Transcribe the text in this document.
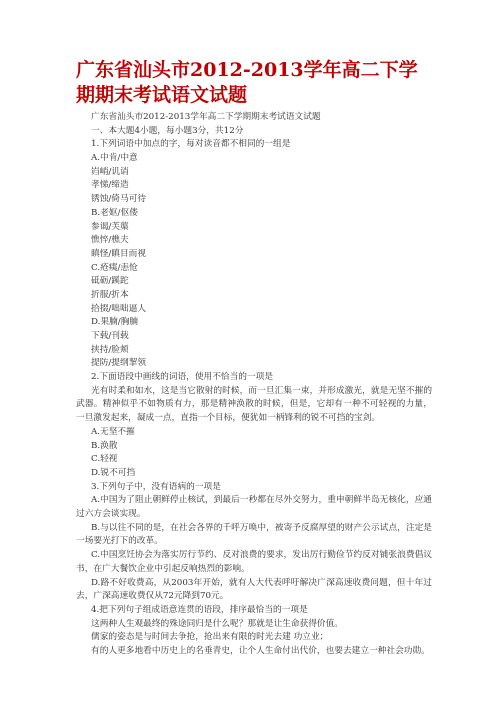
广东省汕头市2012-2013学年高二下学期期末考试语文试题
广东省汕头市2012-2013学年高二下学期期末考试语文试题
一、本大题4小题，每小题3分，共12分
1.下列词语中加点的字，每对读音都不相同的一组是
A.中肯/中意
岿峭/讥诮
孝悌/缔造
锈蚀/倚马可待
B.老妪/伛偻
参谒/芙蕖
憔悴/樵夫
瞋怪/瞋目而视
C.疮痍/恚怆
砥砺/蹊跎
折服/折本
拾掇/咄咄逼人
D.果腩/胸腩
下载/刊载
挟持/脸颊
提防/提纲挈领
2.下面语段中画线的词语，使用不恰当的一项是
光有时柔和如水，这是当它散射的时候，而一旦汇集一束，并形成激光，就是无坚不摧的武器。精神似乎不如物质有力，那是精神涣散的时候，但是，它却有一种不可轻视的力量，一旦激发起来，凝成一点，直指一个目标，便犹如一柄锋利的锐不可挡的宝剑。
A.无坚不摧
B.涣散
C.轻视
D.锐不可挡
3.下列句子中，没有语病的一项是
A.中国为了阻止朝鲜停止核试，到最后一秒都在尽外交努力，重申朝鲜半岛无核化，应通过六方会谈实现。
B.与以往不同的是，在社会各界的千呼万唤中，被寄予反腐厚望的财产公示试点，注定是一场要光打下的改革。
C.中国烹饪协会为落实厉行节约、反对浪费的要求，发出厉行勤俭节约反对铺张浪费倡议书，在广大餐饮企业中引起反响热烈的影响。
D.路不好收费高，从2003年开始，就有人大代表呼吁解决广深高速收费问题，但十年过去，广深高速收费仅从72元降到70元。
4.把下列句子组成语意连贯的语段，排序最恰当的一项是
这两种人生观最终的殊途同归是什么呢？那就是让生命获得价值。
儒家的姿态是与时间去争抢，抢出来有限的时光去建 功立业；
有的人更多地看中历史上的名垂青史，让个人生命付出代价，也要去建立一种社会功勋。
